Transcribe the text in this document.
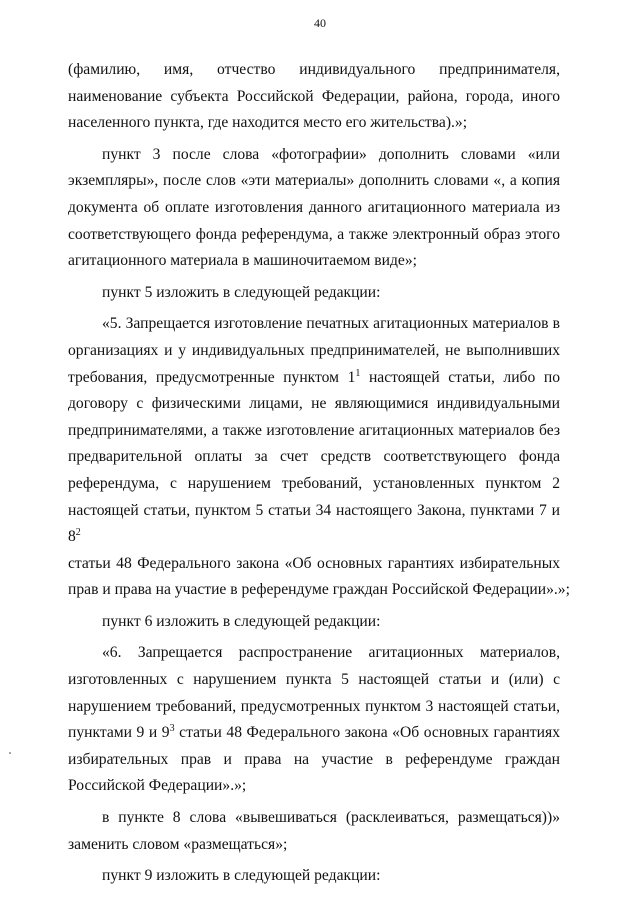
40

(фамилию, имя, отчество индивидуального предпринимателя,
наименование субъекта Российской Федерации, района, города, иного
населенного пункта, где находится место его жительства).»;

пункт 3 после слова «фотографии» дополнить словами «или
экземпляры», после слов «эти материалы» дополнить словами «, а копия
документа об оплате изготовления данного агитационного материала из
соответствующего фонда референдума, а также электронный образ этого
агитационного материала в машиночитаемом виде»;

пункт 5 изложить в следующей редакции:

«5. Запрещается изготовление печатных агитационных материалов в
организациях и у индивидуальных предпринимателей, не выполнивших
требования, предусмотренные пунктом $1^1$ настоящей статьи, либо по
договору с физическими лицами, не являющимися индивидуальными
предпринимателями, а также изготовление агитационных материалов без
предварительной оплаты за счет средств соответствующего фонда
референдума, с нарушением требований, установленных пунктом 2
настоящей статьи, пунктом 5 статьи 34 настоящего Закона, пунктами 7 и $8^2$
статьи 48 Федерального закона «Об основных гарантиях избирательных
прав и права на участие в референдуме граждан Российской Федерации».»;

пункт 6 изложить в следующей редакции:

«6. Запрещается распространение агитационных материалов,
изготовленных с нарушением пункта 5 настоящей статьи и (или) с
нарушением требований, предусмотренных пунктом 3 настоящей статьи,
пунктами 9 и $9^3$ статьи 48 Федерального закона «Об основных гарантиях
избирательных прав и права на участие в референдуме граждан
Российской Федерации».»;

в пункте 8 слова «вывешиваться (расклеиваться, размещаться))»
заменить словом «размещаться»;

пункт 9 изложить в следующей редакции:
